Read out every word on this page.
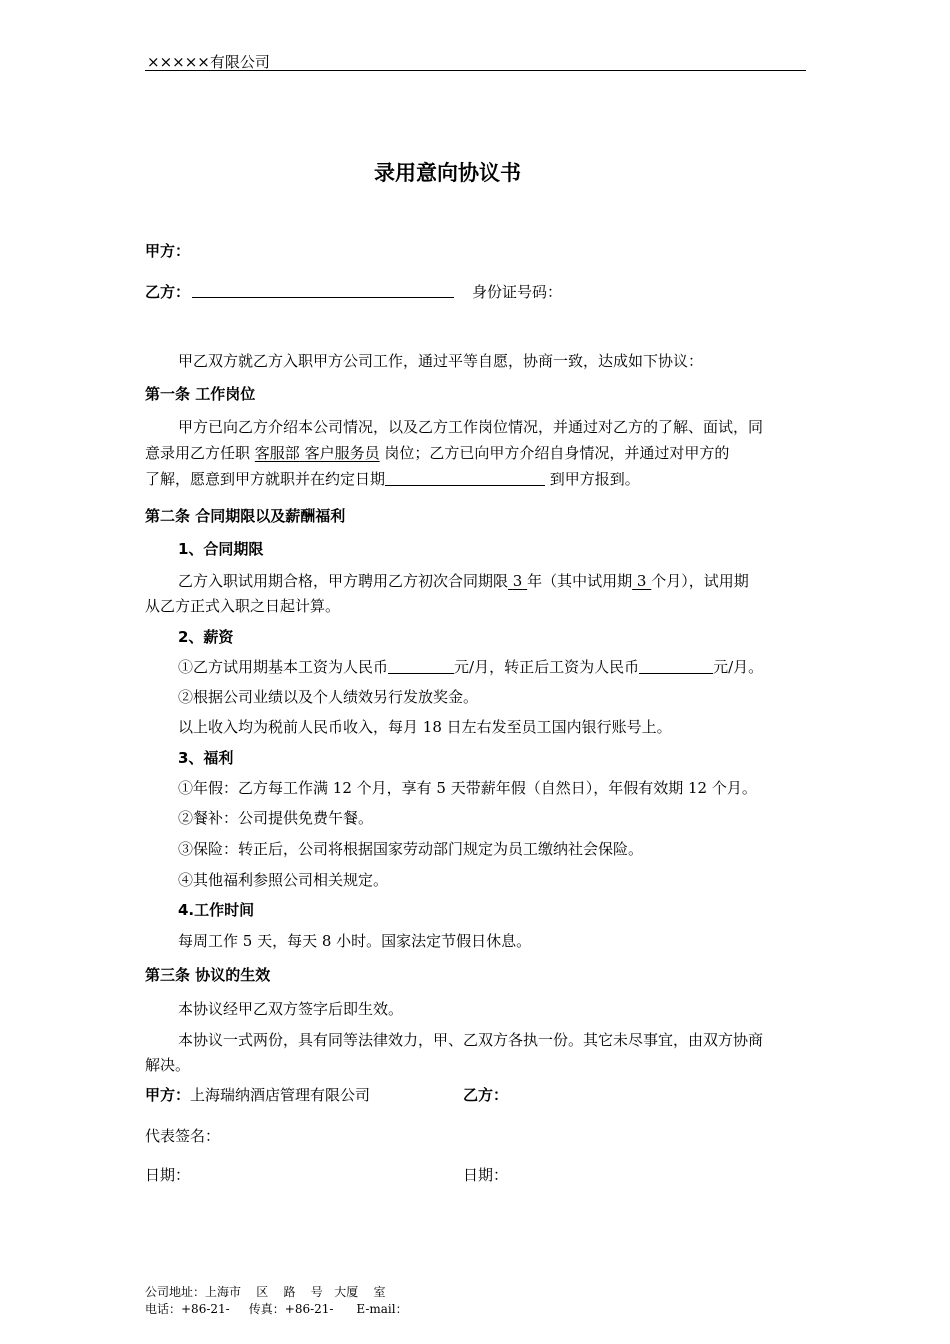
×××××有限公司
录用意向协议书
甲方：
乙方：	身份证号码：
甲乙双方就乙方入职甲方公司工作，通过平等自愿，协商一致，达成如下协议：
第一条 工作岗位
甲方已向乙方介绍本公司情况，以及乙方工作岗位情况，并通过对乙方的了解、面试，同
意录用乙方任职 客服部 客户服务员 岗位；乙方已向甲方介绍自身情况，并通过对甲方的
了解，愿意到甲方就职并在约定日期	到甲方报到。
第二条 合同期限以及薪酬福利
1、合同期限
乙方入职试用期合格，甲方聘用乙方初次合同期限 3 年（其中试用期 3 个月），试用期
从乙方正式入职之日起计算。
2、薪资
①乙方试用期基本工资为人民币	元/月，转正后工资为人民币	元/月。
②根据公司业绩以及个人绩效另行发放奖金。
以上收入均为税前人民币收入，每月 18 日左右发至员工国内银行账号上。
3、福利
①年假：乙方每工作满 12 个月，享有 5 天带薪年假（自然日），年假有效期 12 个月。
②餐补：公司提供免费午餐。
③保险：转正后，公司将根据国家劳动部门规定为员工缴纳社会保险。
④其他福利参照公司相关规定。
4.工作时间
每周工作 5 天，每天 8 小时。国家法定节假日休息。
第三条 协议的生效
本协议经甲乙双方签字后即生效。
本协议一式两份，具有同等法律效力，甲、乙双方各执一份。其它未尽事宜，由双方协商
解决。
甲方：上海瑞纳酒店管理有限公司	乙方：
代表签名：
日期：	日期：
公司地址：上海市    区    路    号   大厦    室
电话：+86-21-     传真：+86-21-      E-mail：
